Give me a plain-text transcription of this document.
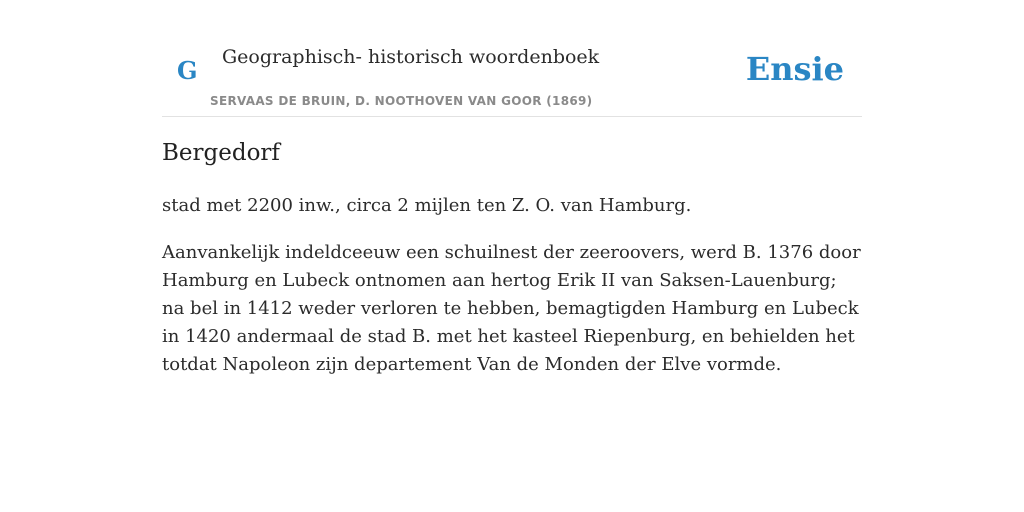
G Geographisch- historisch woordenboek
SERVAAS DE BRUIN, D. NOOTHOVEN VAN GOOR (1869)
Ensie
Bergedorf

stad met 2200 inw., circa 2 mijlen ten Z. O. van Hamburg.

Aanvankelijk indeldceeuw een schuilnest der zeeroovers, werd B. 1376 door Hamburg en Lubeck ontnomen aan hertog Erik II van Saksen-Lauenburg; na bel in 1412 weder verloren te hebben, bemagtigden Hamburg en Lubeck in 1420 andermaal de stad B. met het kasteel Riepenburg, en behielden het totdat Napoleon zijn departement Van de Monden der Elve vormde.
